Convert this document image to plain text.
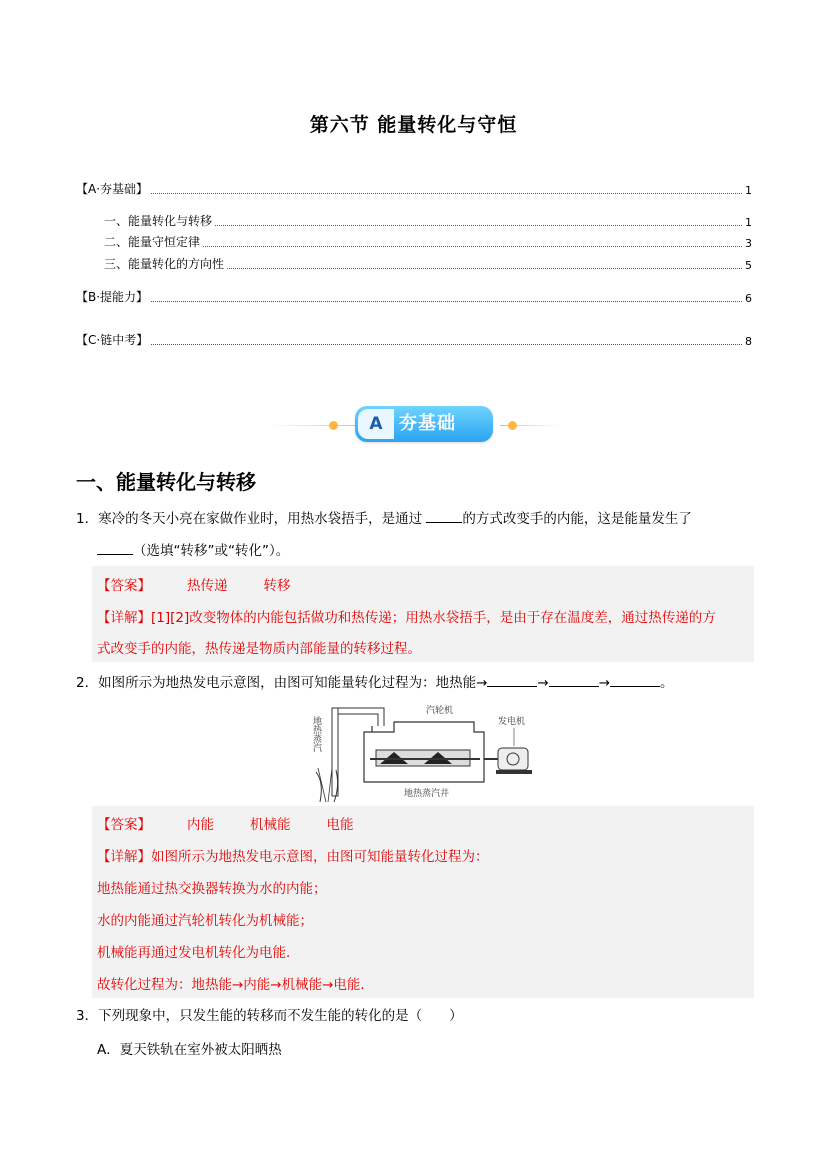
第六节 能量转化与守恒
【A·夯基础】	1
一、能量转化与转移	1
二、能量守恒定律	3
三、能量转化的方向性	5
【B·提能力】	6
【C·链中考】	8
A 夯基础
一、能量转化与转移
1．寒冷的冬天小亮在家做作业时，用热水袋捂手，是通过	的方式改变手的内能，这是能量发生了
（选填“转移”或“转化”）。
【答案】	热传递	转移
【详解】[1][2]改变物体的内能包括做功和热传递；用热水袋捂手，是由于存在温度差，通过热传递的方
式改变手的内能，热传递是物质内部能量的转移过程。
2．如图所示为地热发电示意图，由图可知能量转化过程为：地热能→	→	→	。
地热蒸汽
汽轮机
发电机
地热蒸汽井
【答案】	内能	机械能	电能
【详解】如图所示为地热发电示意图，由图可知能量转化过程为：
地热能通过热交换器转换为水的内能；
水的内能通过汽轮机转化为机械能；
机械能再通过发电机转化为电能．
故转化过程为：地热能→内能→机械能→电能．
3．下列现象中，只发生能的转移而不发生能的转化的是（　　）
A．夏天铁轨在室外被太阳晒热
